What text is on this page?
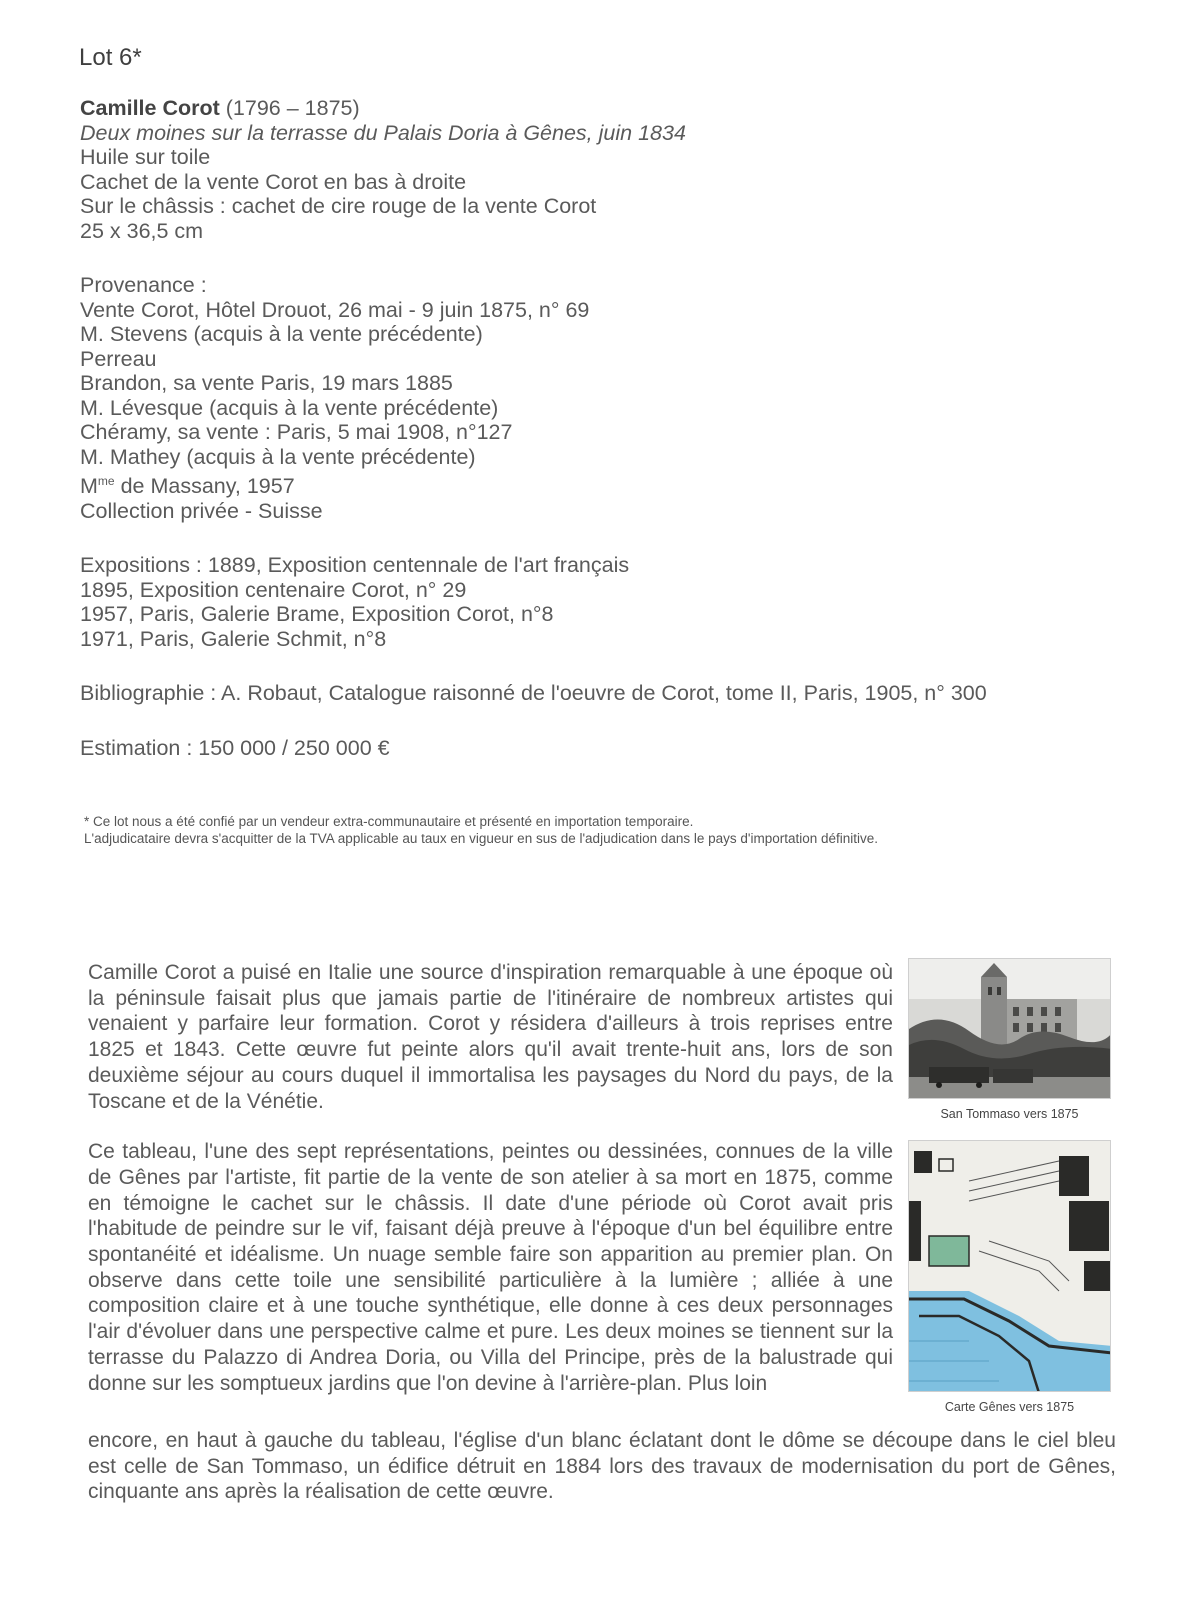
Lot 6*
Camille Corot (1796 – 1875)
Deux moines sur la terrasse du Palais Doria à Gênes, juin 1834
Huile sur toile
Cachet de la vente Corot en bas à droite
Sur le châssis : cachet de cire rouge de la vente Corot
25 x 36,5 cm
Provenance :
Vente Corot, Hôtel Drouot, 26 mai - 9 juin 1875, n° 69
M. Stevens (acquis à la vente précédente)
Perreau
Brandon, sa vente Paris, 19 mars 1885
M. Lévesque (acquis à la vente précédente)
Chéramy, sa vente : Paris, 5 mai 1908, n°127
M. Mathey (acquis à la vente précédente)
$M^{me}$ de Massany, 1957
Collection privée - Suisse
Expositions : 1889, Exposition centennale de l'art français
1895, Exposition centenaire Corot, n° 29
1957, Paris, Galerie Brame, Exposition Corot, n°8
1971, Paris, Galerie Schmit, n°8
Bibliographie : A. Robaut, Catalogue raisonné de l'oeuvre de Corot, tome II, Paris, 1905, n° 300
Estimation : 150 000 / 250 000 €
* Ce lot nous a été confié par un vendeur extra-communautaire et présenté en importation temporaire.
L'adjudicataire devra s'acquitter de la TVA applicable au taux en vigueur en sus de l'adjudication dans le pays d'importation définitive.

Camille Corot a puisé en Italie une source d'inspiration remarquable à une époque où la péninsule faisait plus que jamais partie de l'itinéraire de nombreux artistes qui venaient y parfaire leur formation. Corot y résidera d'ailleurs à trois reprises entre 1825 et 1843. Cette œuvre fut peinte alors qu'il avait trente-huit ans, lors de son deuxième séjour au cours duquel il immortalisa les paysages du Nord du pays, de la Toscane et de la Vénétie.

Ce tableau, l'une des sept représentations, peintes ou dessinées, connues de la ville de Gênes par l'artiste, fit partie de la vente de son atelier à sa mort en 1875, comme en témoigne le cachet sur le châssis. Il date d'une période où Corot avait pris l'habitude de peindre sur le vif, faisant déjà preuve à l'époque d'un bel équilibre entre spontanéité et idéalisme. Un nuage semble faire son apparition au premier plan. On observe dans cette toile une sensibilité particulière à la lumière ; alliée à une composition claire et à une touche synthétique, elle donne à ces deux personnages l'air d'évoluer dans une perspective calme et pure. Les deux moines se tiennent sur la terrasse du Palazzo di Andrea Doria, ou Villa del Principe, près de la balustrade qui donne sur les somptueux jardins que l'on devine à l'arrière-plan. Plus loin

encore, en haut à gauche du tableau, l'église d'un blanc éclatant dont le dôme se découpe dans le ciel bleu est celle de San Tommaso, un édifice détruit en 1884 lors des travaux de modernisation du port de Gênes, cinquante ans après la réalisation de cette œuvre.
San Tommaso vers 1875
Carte Gênes vers 1875
